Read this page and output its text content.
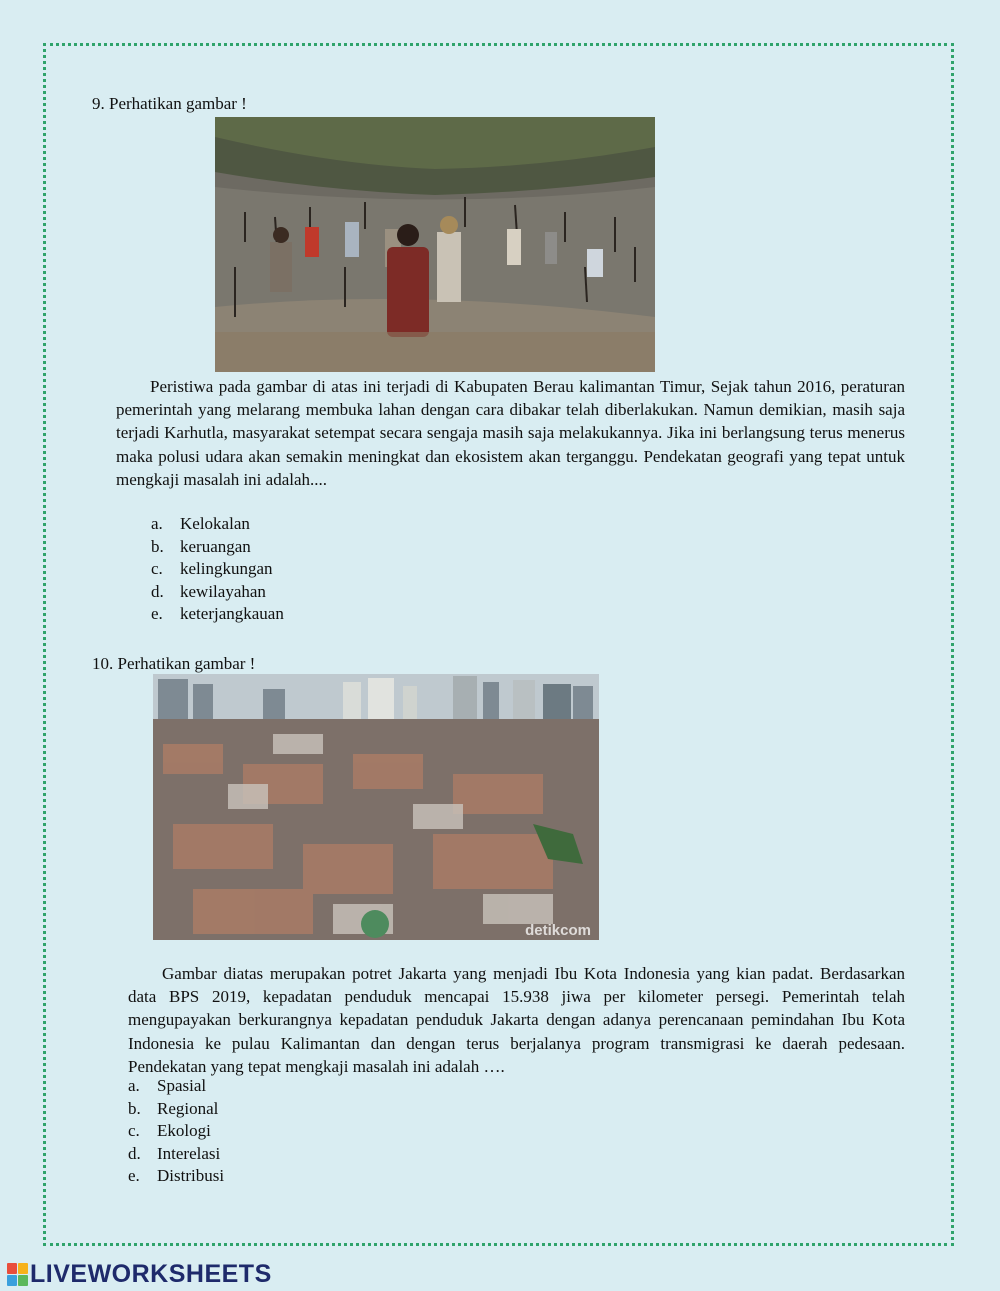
9. Perhatikan gambar !

Peristiwa pada gambar di atas ini terjadi di Kabupaten Berau kalimantan Timur, Sejak tahun 2016, peraturan pemerintah yang melarang membuka lahan dengan cara dibakar telah diberlakukan. Namun demikian, masih saja terjadi Karhutla, masyarakat setempat secara sengaja masih saja melakukannya. Jika ini berlangsung terus menerus maka polusi udara akan semakin meningkat dan ekosistem akan terganggu. Pendekatan geografi yang tepat untuk mengkaji masalah ini adalah....

a.	Kelokalan
b. keruangan
c.	kelingkungan
d. kewilayahan
e.	keterjangkauan
10. Perhatikan gambar !
detikcom

Gambar diatas merupakan potret Jakarta yang menjadi Ibu Kota Indonesia yang kian padat. Berdasarkan data BPS 2019, kepadatan penduduk mencapai 15.938 jiwa per kilometer persegi. Pemerintah telah mengupayakan berkurangnya kepadatan penduduk Jakarta dengan adanya perencanaan pemindahan Ibu Kota Indonesia ke pulau Kalimantan dan dengan terus berjalanya program transmigrasi ke daerah pedesaan. Pendekatan yang tepat mengkaji masalah ini adalah ….

a.	Spasial
b. Regional
c.	Ekologi
d. Interelasi
e.	Distribusi
LIVEWORKSHEETS
